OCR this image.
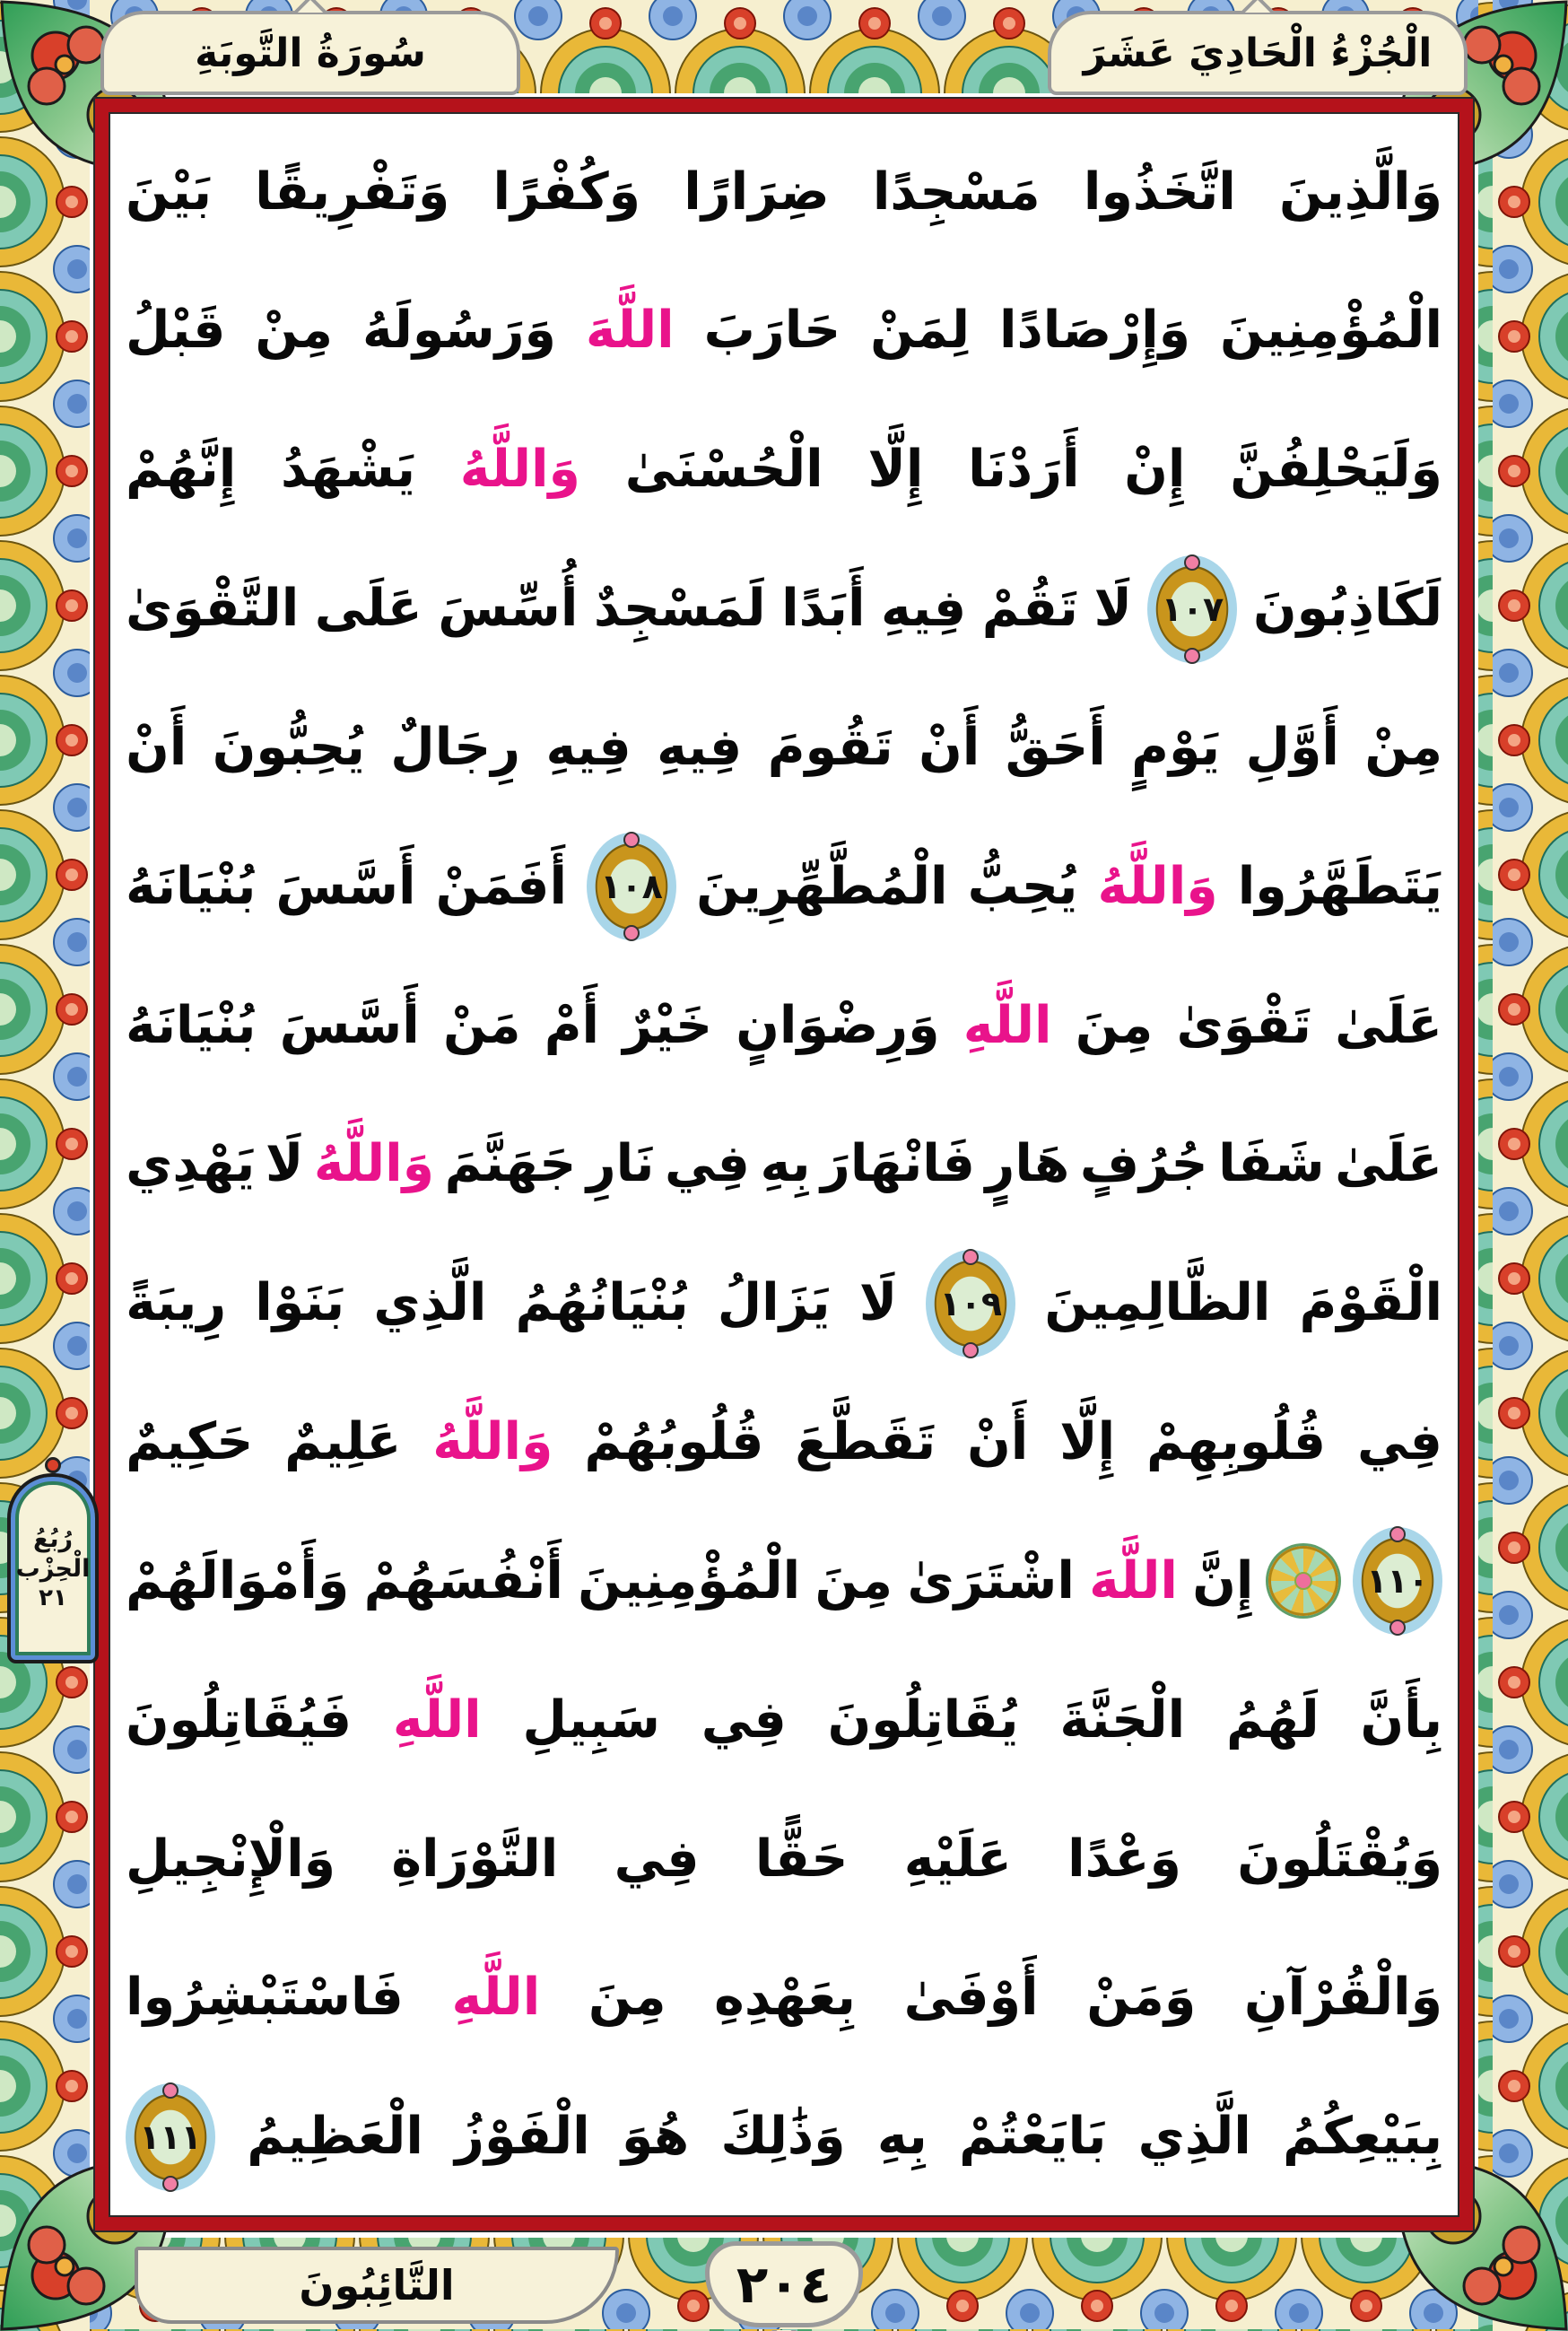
سُورَةُ التَّوبَةِ	الْجُزْءُ الْحَادِيَ عَشَرَ
وَالَّذِينَ
اتَّخَذُوا
مَسْجِدًا
ضِرَارًا
وَكُفْرًا
وَتَفْرِيقًا
بَيْنَ
الْمُؤْمِنِينَ
وَإِرْصَادًا
لِمَنْ
حَارَبَ
اللَّهَ
وَرَسُولَهُ
مِنْ
قَبْلُ
وَلَيَحْلِفُنَّ
إِنْ
أَرَدْنَا
إِلَّا
الْحُسْنَىٰ
وَاللَّهُ
يَشْهَدُ
إِنَّهُمْ
لَكَاذِبُونَ
١٠٧
لَا
تَقُمْ
فِيهِ
أَبَدًا
لَمَسْجِدٌ
أُسِّسَ
عَلَى
التَّقْوَىٰ
مِنْ
أَوَّلِ
يَوْمٍ
أَحَقُّ
أَنْ
تَقُومَ
فِيهِ
فِيهِ
رِجَالٌ
يُحِبُّونَ
أَنْ
يَتَطَهَّرُوا
وَاللَّهُ
يُحِبُّ
الْمُطَّهِّرِينَ
١٠٨
أَفَمَنْ
أَسَّسَ
بُنْيَانَهُ
عَلَىٰ
تَقْوَىٰ
مِنَ
اللَّهِ
وَرِضْوَانٍ
خَيْرٌ
أَمْ
مَنْ
أَسَّسَ
بُنْيَانَهُ
عَلَىٰ
شَفَا
جُرُفٍ
هَارٍ
فَانْهَارَ
بِهِ
فِي
نَارِ
جَهَنَّمَ
وَاللَّهُ
لَا
يَهْدِي
الْقَوْمَ
الظَّالِمِينَ
١٠٩
لَا
يَزَالُ
بُنْيَانُهُمُ
الَّذِي
بَنَوْا
رِيبَةً
فِي
قُلُوبِهِمْ
إِلَّا
أَنْ
تَقَطَّعَ
قُلُوبُهُمْ
وَاللَّهُ
عَلِيمٌ
حَكِيمٌ
١١٠
إِنَّ
اللَّهَ
اشْتَرَىٰ
مِنَ
الْمُؤْمِنِينَ
أَنْفُسَهُمْ
وَأَمْوَالَهُمْ
بِأَنَّ
لَهُمُ
الْجَنَّةَ
يُقَاتِلُونَ
فِي
سَبِيلِ
اللَّهِ
فَيُقَاتِلُونَ
وَيُقْتَلُونَ
وَعْدًا
عَلَيْهِ
حَقًّا
فِي
التَّوْرَاةِ
وَالْإِنْجِيلِ
وَالْقُرْآنِ
وَمَنْ
أَوْفَىٰ
بِعَهْدِهِ
مِنَ
اللَّهِ
فَاسْتَبْشِرُوا
بِبَيْعِكُمُ
الَّذِي
بَايَعْتُمْ
بِهِ
وَذَٰلِكَ
هُوَ
الْفَوْزُ
الْعَظِيمُ
١١١
رُبُعُ
الْحِزْب
٢١
التَّائِبُونَ	٢٠٤
